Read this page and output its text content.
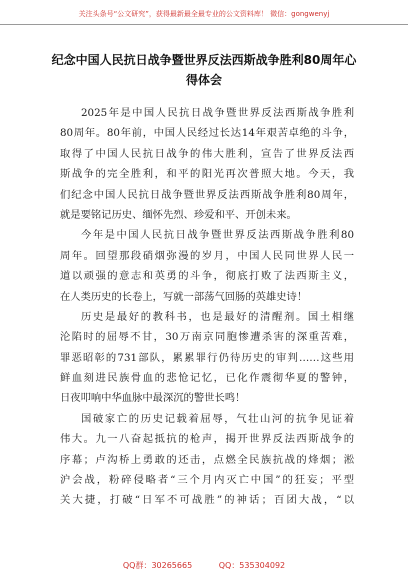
关注头条号“公文研究”，获得最新最全最专业的公文资料库！ 微信：gongwenyj
纪念中国人民抗日战争暨世界反法西斯战争胜利80周年心
得体会

2025年是中国人民抗日战争暨世界反法西斯战争胜利
80周年。80年前，中国人民经过长达14年艰苦卓绝的斗争，
取得了中国人民抗日战争的伟大胜利，宣告了世界反法西
斯战争的完全胜利，和平的阳光再次普照大地。今天，我
们纪念中国人民抗日战争暨世界反法西斯战争胜利80周年，
就是要铭记历史、缅怀先烈、珍爱和平、开创未来。

今年是中国人民抗日战争暨世界反法西斯战争胜利80
周年。回望那段硝烟弥漫的岁月，中国人民同世界人民一
道以顽强的意志和英勇的斗争，彻底打败了法西斯主义，
在人类历史的长卷上，写就一部荡气回肠的英雄史诗！

历史是最好的教科书，也是最好的清醒剂。国土相继
沦陷时的屈辱不甘，30万南京同胞惨遭杀害的深重苦难，
罪恶昭彰的731部队，累累罪行仍待历史的审判……这些用
鲜血刻进民族骨血的悲怆记忆，已化作震彻华夏的警钟，
日夜叩响中华血脉中最深沉的警世长鸣！

国破家亡的历史记载着屈辱，气壮山河的抗争见证着
伟大。九一八奋起抵抗的枪声，揭开世界反法西斯战争的
序幕；卢沟桥上勇敢的还击，点燃全民族抗战的烽烟；淞
沪会战，粉碎侵略者“三个月内灭亡中国”的狂妄；平型
关大捷，打破“日军不可战胜”的神话；百团大战，“以

QQ群：30265665	QQ：535304092
